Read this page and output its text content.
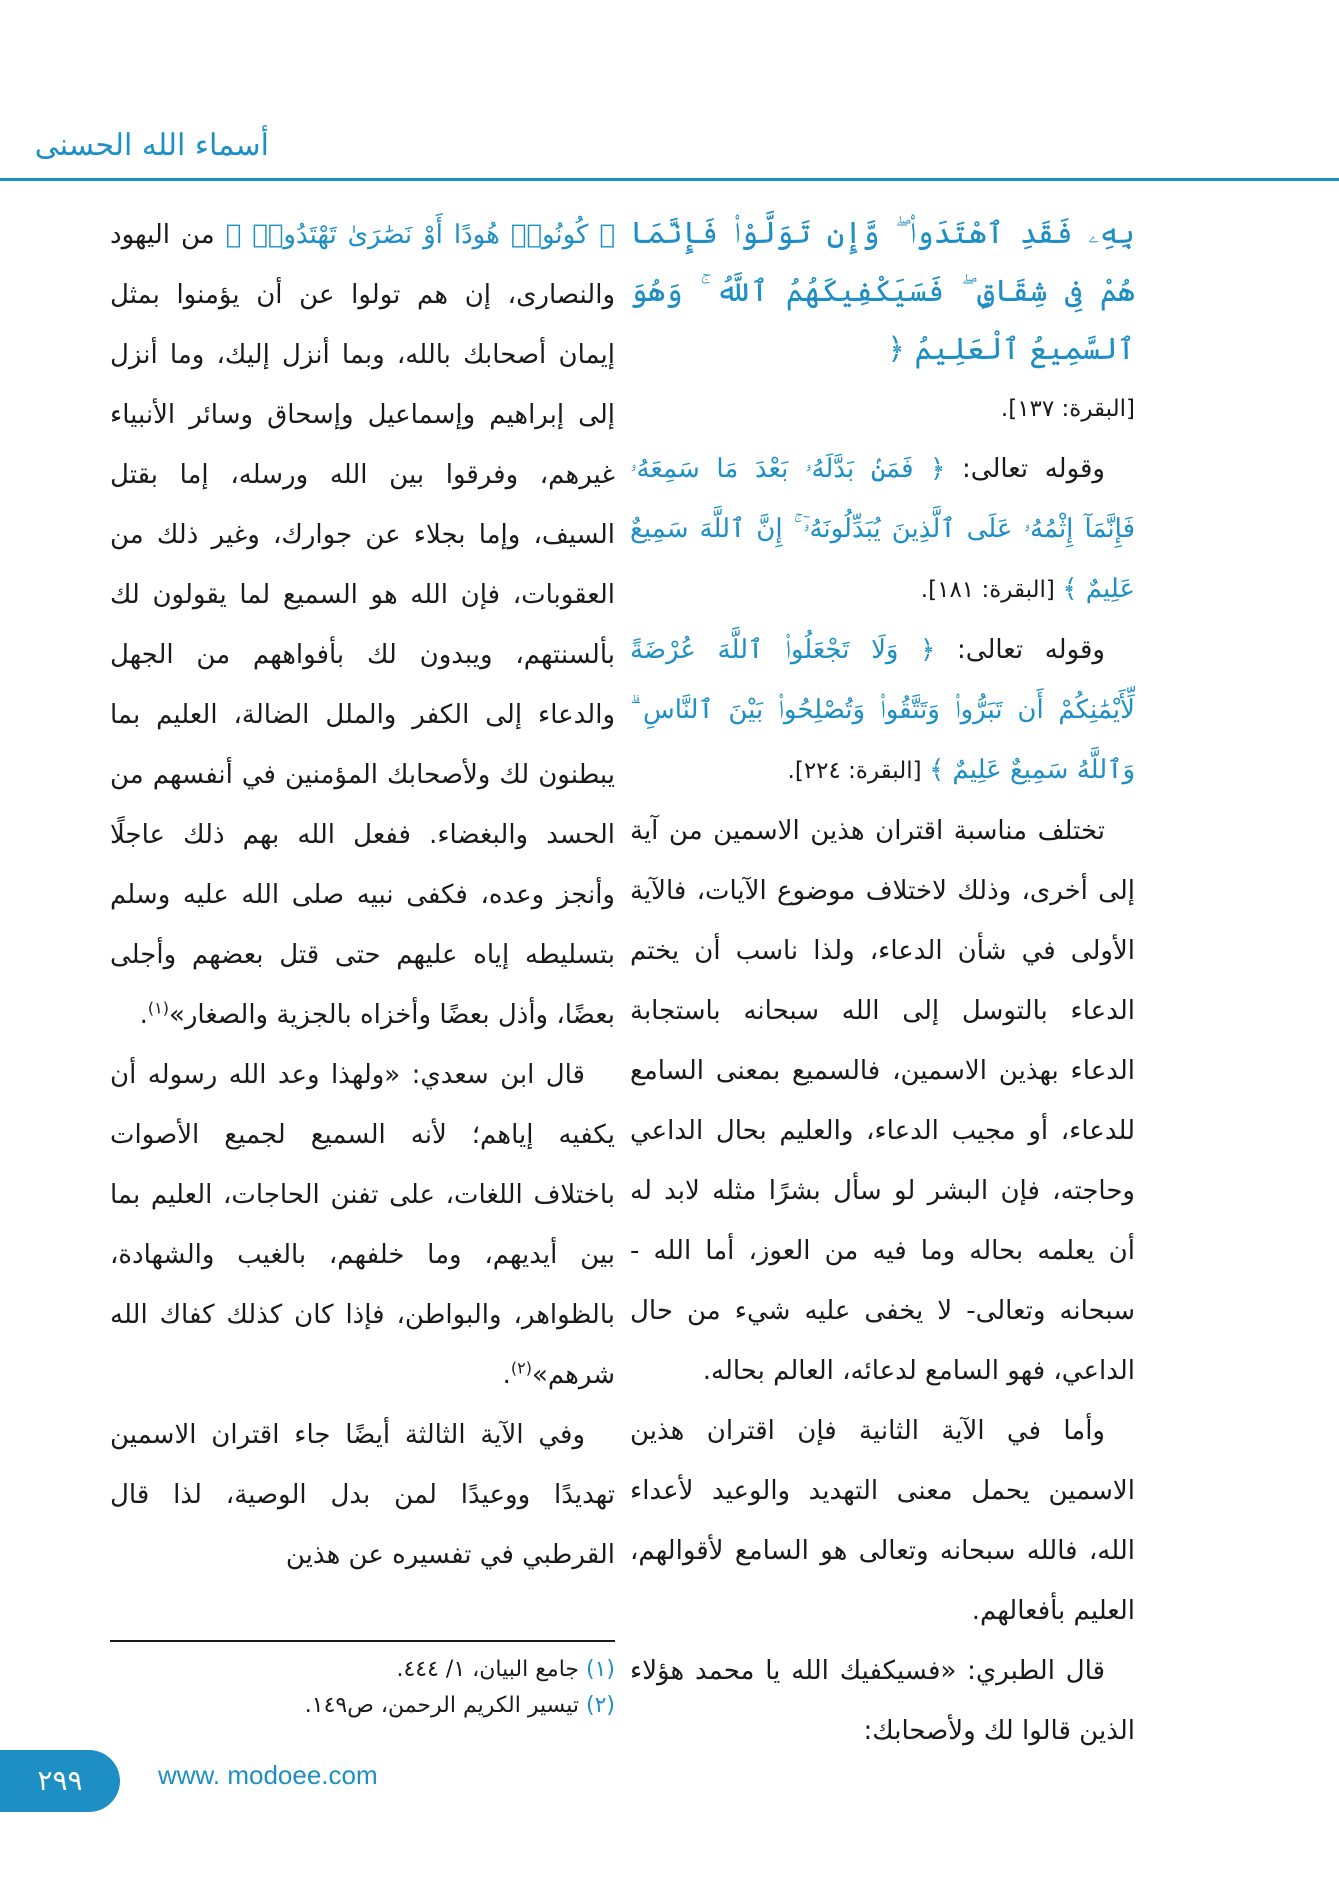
أسماء الله الحسنى

بِهِۦ فَقَدِ ٱهْتَدَوا۟ ۖ وَّإِن تَوَلَّوْا۟ فَإِنَّمَا هُمْ فِى شِقَاقٍ ۖ فَسَيَكْفِيكَهُمُ ٱللَّهُ ۚ وَهُوَ ٱلسَّمِيعُ ٱلْعَلِيمُ ﴿

[البقرة: ١٣٧].

وقوله تعالى: ﴿ فَمَنۢ بَدَّلَهُۥ بَعْدَ مَا سَمِعَهُۥ فَإِنَّمَآ إِثْمُهُۥ عَلَى ٱلَّذِينَ يُبَدِّلُونَهُۥٓ ۚ إِنَّ ٱللَّهَ سَمِيعٌ عَلِيمٌ ﴾ [البقرة: ١٨١].

وقوله تعالى: ﴿ وَلَا تَجْعَلُوا۟ ٱللَّهَ عُرْضَةً لِّأَيْمَٰنِكُمْ أَن تَبَرُّوا۟ وَتَتَّقُوا۟ وَتُصْلِحُوا۟ بَيْنَ ٱلنَّاسِ ۗ وَٱللَّهُ سَمِيعٌ عَلِيمٌ ﴾ [البقرة: ٢٢٤].

تختلف مناسبة اقتران هذين الاسمين من آية إلى أخرى، وذلك لاختلاف موضوع الآيات، فالآية الأولى في شأن الدعاء، ولذا ناسب أن يختم الدعاء بالتوسل إلى الله سبحانه باستجابة الدعاء بهذين الاسمين، فالسميع بمعنى السامع للدعاء، أو مجيب الدعاء، والعليم بحال الداعي وحاجته، فإن البشر لو سأل بشرًا مثله لابد له أن يعلمه بحاله وما فيه من العوز، أما الله - سبحانه وتعالى- لا يخفى عليه شيء من حال الداعي، فهو السامع لدعائه، العالم بحاله.

وأما في الآية الثانية فإن اقتران هذين الاسمين يحمل معنى التهديد والوعيد لأعداء الله، فالله سبحانه وتعالى هو السامع لأقوالهم، العليم بأفعالهم.

قال الطبري: «فسيكفيك الله يا محمد هؤلاء الذين قالوا لك ولأصحابك:

﴿ كُونُوا۟ هُودًا أَوْ نَصَٰرَىٰ تَهْتَدُوا۟ ﴾ من اليهود والنصارى، إن هم تولوا عن أن يؤمنوا بمثل إيمان أصحابك بالله، وبما أنزل إليك، وما أنزل إلى إبراهيم وإسماعيل وإسحاق وسائر الأنبياء غيرهم، وفرقوا بين الله ورسله، إما بقتل السيف، وإما بجلاء عن جوارك، وغير ذلك من العقوبات، فإن الله هو السميع لما يقولون لك بألسنتهم، ويبدون لك بأفواههم من الجهل والدعاء إلى الكفر والملل الضالة، العليم بما يبطنون لك ولأصحابك المؤمنين في أنفسهم من الحسد والبغضاء. ففعل الله بهم ذلك عاجلًا وأنجز وعده، فكفى نبيه صلى الله عليه وسلم بتسليطه إياه عليهم حتى قتل بعضهم وأجلى بعضًا، وأذل بعضًا وأخزاه بالجزية والصغار»$^{(١)}$.

قال ابن سعدي: «ولهذا وعد الله رسوله أن يكفيه إياهم؛ لأنه السميع لجميع الأصوات باختلاف اللغات، على تفنن الحاجات، العليم بما بين أيديهم، وما خلفهم، بالغيب والشهادة، بالظواهر، والبواطن، فإذا كان كذلك كفاك الله شرهم»$^{(٢)}$.

وفي الآية الثالثة أيضًا جاء اقتران الاسمين تهديدًا ووعيدًا لمن بدل الوصية، لذا قال القرطبي في تفسيره عن هذين

(١) جامع البيان، ١/ ٤٤٤.

(٢) تيسير الكريم الرحمن، ص١٤٩.

٢٩٩	www. modoee.com
